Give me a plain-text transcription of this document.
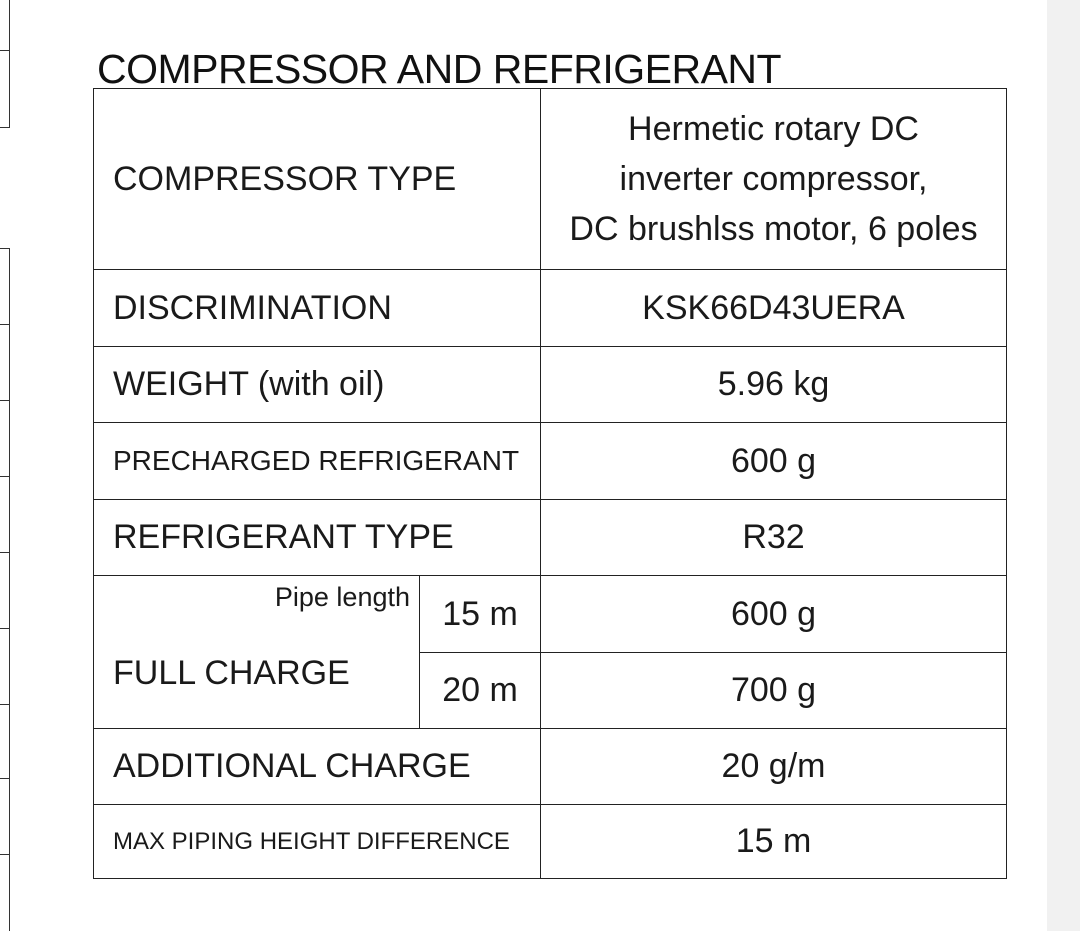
COMPRESSOR AND REFRIGERANT
COMPRESSOR TYPE		Hermetic rotary DC
inverter compressor,
DC brushlss motor, 6 poles

DISCRIMINATION		KSK66D43UERA
WEIGHT (with oil)		5.96 kg
PRECHARGED REFRIGERANT		600 g
REFRIGERANT TYPE		R32

Pipe length
FULL CHARGE	15 m	600 g
	20 m	700 g
ADDITIONAL CHARGE		20 g/m
MAX PIPING HEIGHT DIFFERENCE		15 m
